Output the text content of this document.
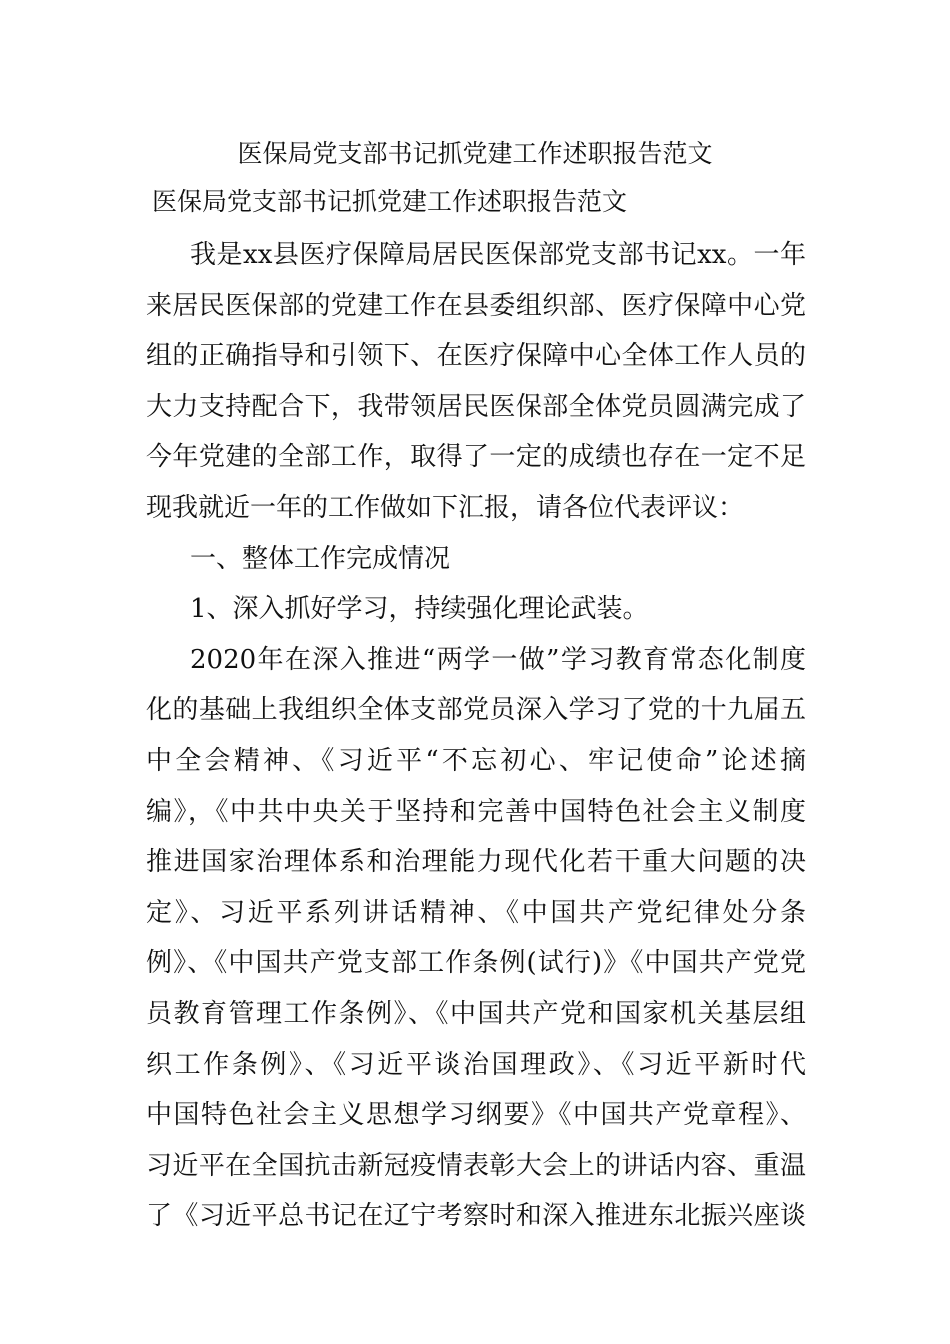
医保局党支部书记抓党建工作述职报告范文
医保局党支部书记抓党建工作述职报告范文
我是xx县医疗保障局居民医保部党支部书记xx。一年
来居民医保部的党建工作在县委组织部、医疗保障中心党
组的正确指导和引领下、在医疗保障中心全体工作人员的
大力支持配合下，我带领居民医保部全体党员圆满完成了
今年党建的全部工作，取得了一定的成绩也存在一定不足
现我就近一年的工作做如下汇报，请各位代表评议：
一、整体工作完成情况
1、深入抓好学习，持续强化理论武装。
2020年在深入推进“两学一做”学习教育常态化制度
化的基础上我组织全体支部党员深入学习了党的十九届五
中全会精神、《习近平“不忘初心、牢记使命”论述摘
编》，《中共中央关于坚持和完善中国特色社会主义制度
推进国家治理体系和治理能力现代化若干重大问题的决
定》、习近平系列讲话精神、《中国共产党纪律处分条
例》、《中国共产党支部工作条例(试行)》《中国共产党党
员教育管理工作条例》、《中国共产党和国家机关基层组
织工作条例》、《习近平谈治国理政》、《习近平新时代
中国特色社会主义思想学习纲要》《中国共产党章程》、
习近平在全国抗击新冠疫情表彰大会上的讲话内容、重温
了《习近平总书记在辽宁考察时和深入推进东北振兴座谈
